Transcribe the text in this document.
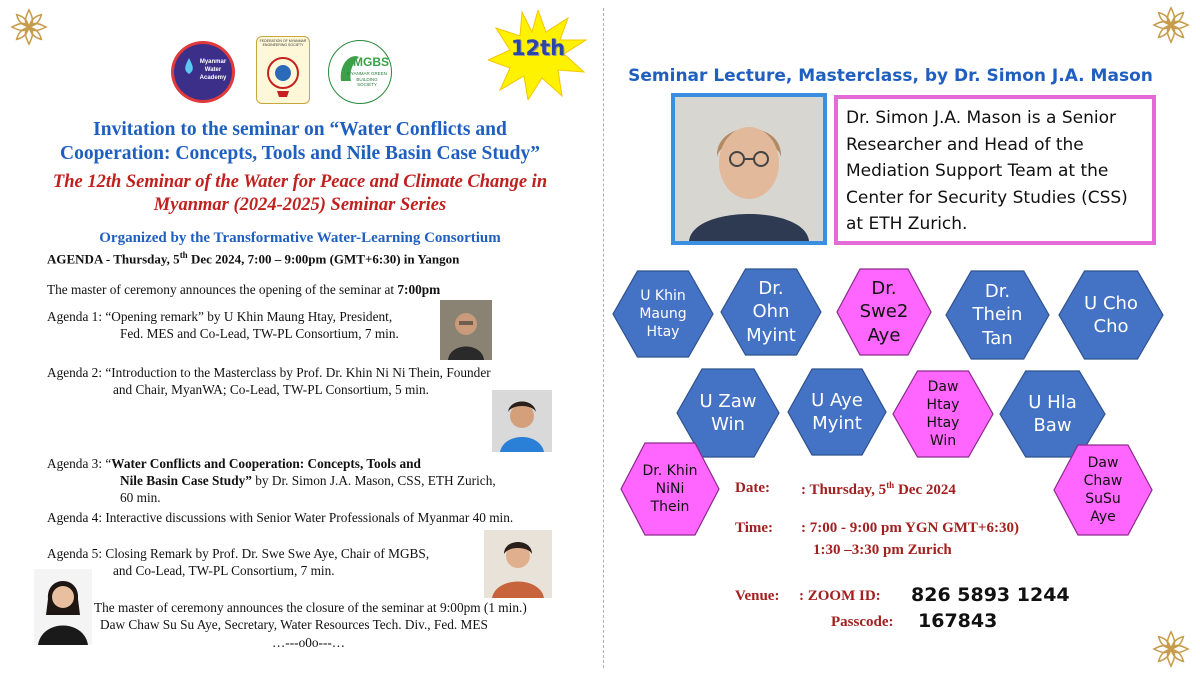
Myanmar Water Academy
FEDERATION OF MYANMAR ENGINEERING SOCIETY
MGBS
MYANMAR GREEN BUILDING SOCIETY
12th
Invitation to the seminar on “Water Conflicts and
Cooperation: Concepts, Tools and Nile Basin Case Study”
The 12th Seminar of the Water for Peace and Climate Change in
Myanmar (2024-2025) Seminar Series
Organized by the Transformative Water-Learning Consortium
AGENDA - Thursday, 5th Dec 2024, 7:00 – 9:00pm (GMT+6:30) in Yangon
The master of ceremony announces the opening of the seminar at 7:00pm
Agenda 1: “Opening remark” by U Khin Maung Htay, President,
Fed. MES and Co-Lead, TW-PL Consortium, 7 min.
Agenda 2: “Introduction to the Masterclass by Prof. Dr. Khin Ni Ni Thein, Founder
and Chair, MyanWA; Co-Lead, TW-PL Consortium, 5 min.
Agenda 3: “Water Conflicts and Cooperation: Concepts, Tools and
Nile Basin Case Study” by Dr. Simon J.A. Mason, CSS, ETH Zurich,
60 min.
Agenda 4: Interactive discussions with Senior Water Professionals of Myanmar 40 min.
Agenda 5: Closing Remark by Prof. Dr. Swe Swe Aye, Chair of MGBS,
and Co-Lead, TW-PL Consortium, 7 min.
The master of ceremony announces the closure of the seminar at 9:00pm (1 min.)
Daw Chaw Su Su Aye, Secretary, Water Resources Tech. Div., Fed. MES
…---o0o---…
Seminar Lecture, Masterclass, by Dr. Simon J.A. Mason
Dr. Simon J.A. Mason is a Senior Researcher and Head of the Mediation Support Team at the Center for Security Studies (CSS) at ETH Zurich.
U Khin Maung Htay
Dr. Ohn Myint
Dr. Swe2 Aye
Dr. Thein Tan
U Cho Cho
U Zaw Win
U Aye Myint
Daw Htay Htay Win
U Hla Baw
Dr. Khin NiNi Thein
Daw Chaw SuSu Aye
Date: : Thursday, 5th Dec 2024
Time: : 7:00 - 9:00 pm YGN GMT+6:30)
1:30 –3:30 pm Zurich
Venue: : ZOOM ID: 826 5893 1244
Passcode: 167843
